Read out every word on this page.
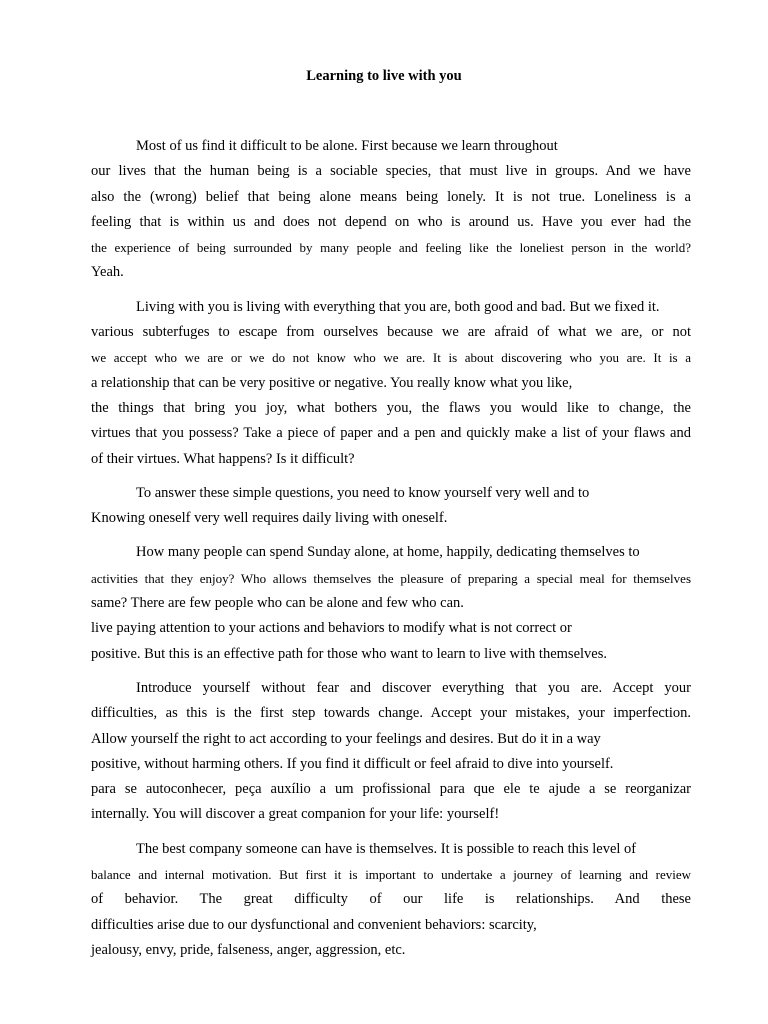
Learning to live with you
Most of us find it difficult to be alone. First because we learn throughout
our lives that the human being is a sociable species, that must live in groups. And we have
also the (wrong) belief that being alone means being lonely. It is not true. Loneliness is a
feeling that is within us and does not depend on who is around us. Have you ever had the
the experience of being surrounded by many people and feeling like the loneliest person in the world?
Yeah.
Living with you is living with everything that you are, both good and bad. But we fixed it.
various subterfuges to escape from ourselves because we are afraid of what we are, or not
we accept who we are or we do not know who we are. It is about discovering who you are. It is a
a relationship that can be very positive or negative. You really know what you like,
the things that bring you joy, what bothers you, the flaws you would like to change, the
virtues that you possess? Take a piece of paper and a pen and quickly make a list of your flaws and
of their virtues. What happens? Is it difficult?
To answer these simple questions, you need to know yourself very well and to
Knowing oneself very well requires daily living with oneself.
How many people can spend Sunday alone, at home, happily, dedicating themselves to
activities that they enjoy? Who allows themselves the pleasure of preparing a special meal for themselves
same? There are few people who can be alone and few who can.
live paying attention to your actions and behaviors to modify what is not correct or
positive. But this is an effective path for those who want to learn to live with themselves.
Introduce yourself without fear and discover everything that you are. Accept your
difficulties, as this is the first step towards change. Accept your mistakes, your imperfection.
Allow yourself the right to act according to your feelings and desires. But do it in a way
positive, without harming others. If you find it difficult or feel afraid to dive into yourself.
para se autoconhecer, peça auxílio a um profissional para que ele te ajude a se reorganizar
internally. You will discover a great companion for your life: yourself!
The best company someone can have is themselves. It is possible to reach this level of
balance and internal motivation. But first it is important to undertake a journey of learning and review
of behavior. The great difficulty of our life is relationships. And these
difficulties arise due to our dysfunctional and convenient behaviors: scarcity,
jealousy, envy, pride, falseness, anger, aggression, etc.
